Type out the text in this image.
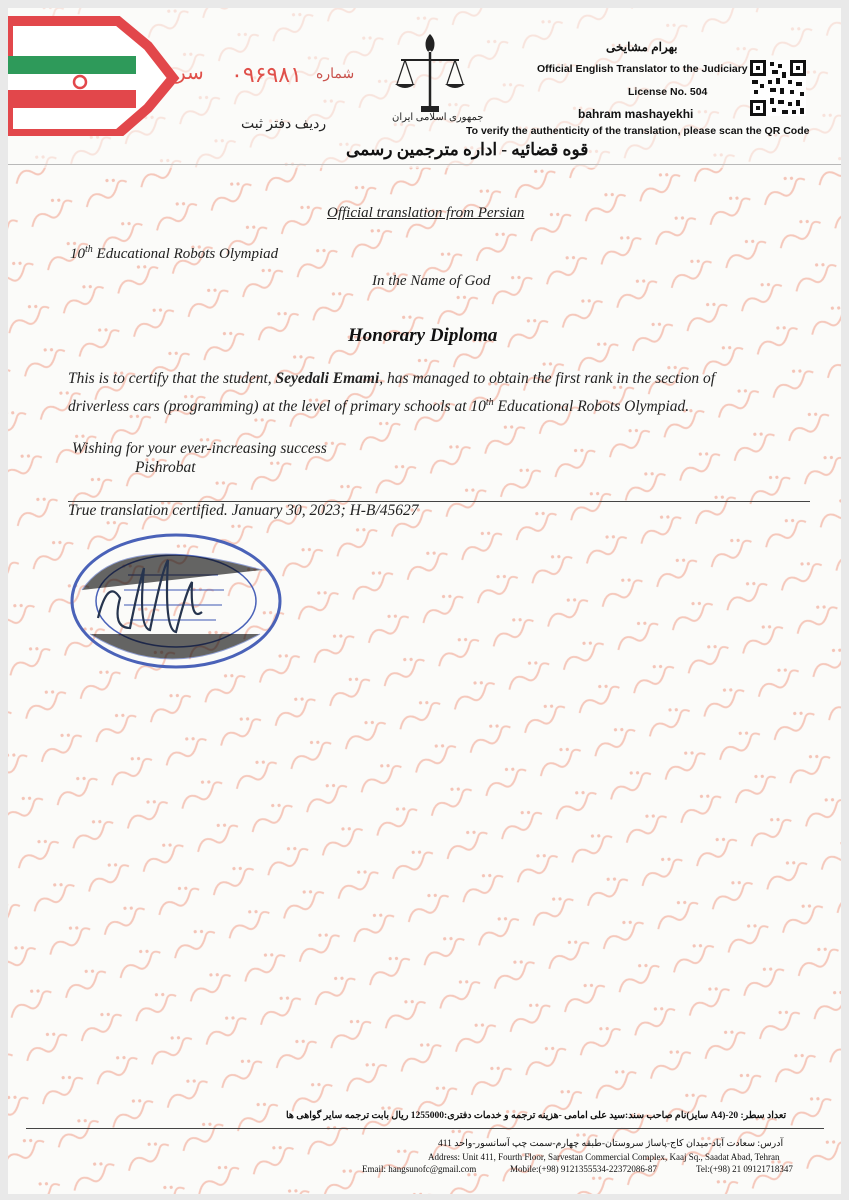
سر ۰۹۶۹۸۱ شماره
ردیف دفتر ثبت	جمهوری اسلامی ایران
قوه قضائیه - اداره مترجمین رسمی
بهرام مشایخی
Official English Translator to the Judiciary
License No. 504
bahram mashayekhi
To verify the authenticity of the translation, please scan the QR Code
Official translation from Persian
10th Educational Robots Olympiad
In the Name of God
Honorary Diploma
This is to certify that the student, Seyedali Emami, has managed to obtain the first rank in the section of
driverless cars (programming) at the level of primary schools at 10th Educational Robots Olympiad.
Wishing for your ever-increasing success
Pishrobat
True translation certified. January 30, 2023; H-B/45627
نام صاحب سند:سید علی امامی -هزینه ترجمه و خدمات دفتری:1255000 ریال بابت ترجمه سایر گواهی ها(سایز A4)-تعداد سطر: 20
آدرس: سعادت آباد-میدان کاج-پاساژ سروستان-طبقه چهارم-سمت چپ آسانسور-واحد 411
Address: Unit 411, Fourth Floor, Sarvestan Commercial Complex, Kaaj Sq., Saadat Abad, Tehran
Email: hangsunofc@gmail.com	Mobile:(+98) 9121355534-22372086-87	Tel:(+98) 21 09121718347
